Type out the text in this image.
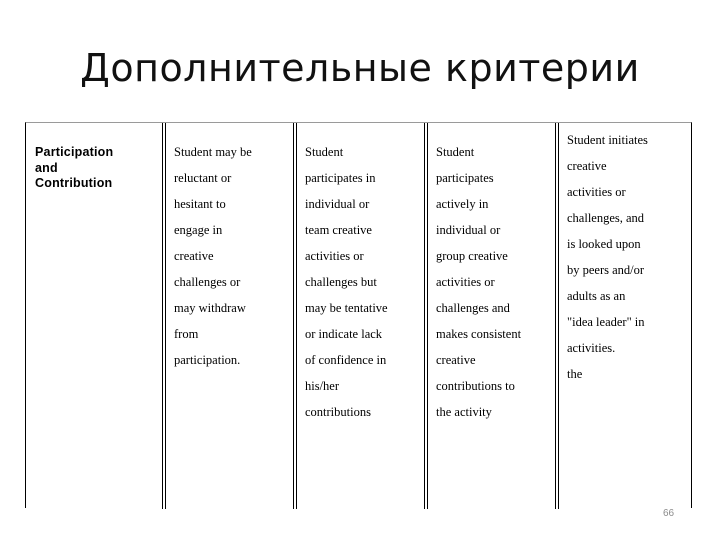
Дополнительные критерии

Participation
and
Contribution

Student may be
reluctant or
hesitant to
engage in
creative
challenges or
may withdraw
from
participation.

Student
participates in
individual or
team creative
activities or
challenges but
may be tentative
or indicate lack
of confidence in
his/her
contributions

Student
participates
actively in
individual or
group creative
activities or
challenges and
makes consistent
creative
contributions to
the activity

Student initiates
creative
activities or
challenges, and
is looked upon
by peers and/or
adults as an
"idea leader" in
activities.
the

66
